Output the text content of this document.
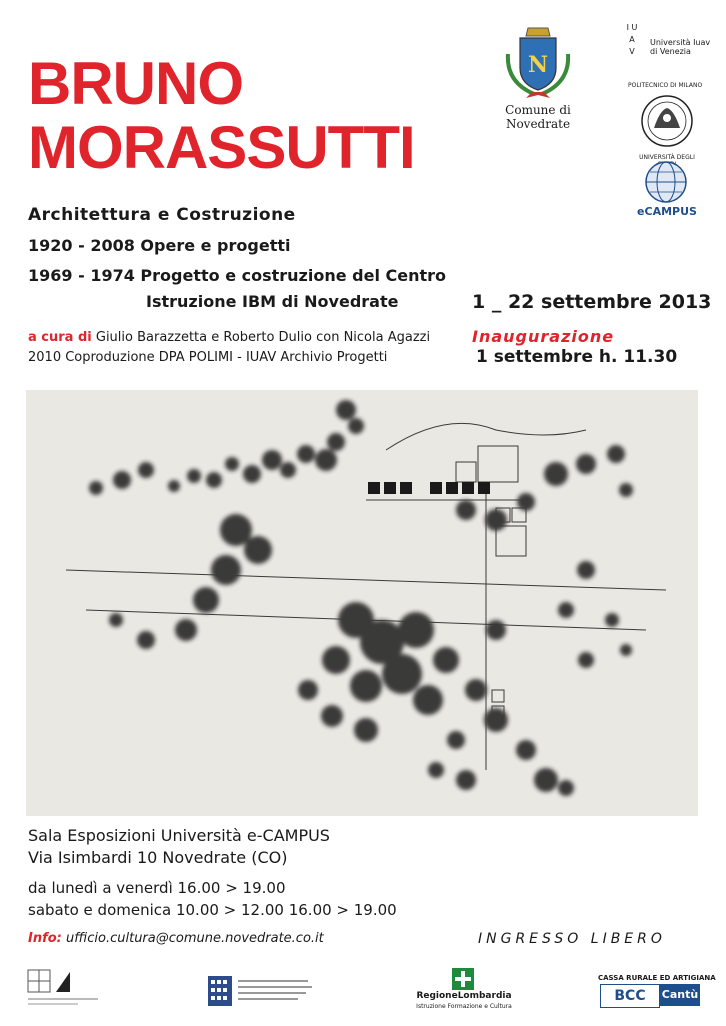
BRUNO
MORASSUTTI
Architettura e Costruzione
1920 - 2008 Opere e progetti
1969 - 1974 Progetto e costruzione del Centro
Istruzione IBM di Novedrate
a cura di Giulio Barazzetta e Roberto Dulio con Nicola Agazzi
2010 Coproduzione DPA POLIMI - IUAV Archivio Progetti
1 _ 22 settembre 2013
Inaugurazione
1 settembre h. 11.30
N
Comune di
Novedrate
I U A V
Università Iuav
di Venezia
POLITECNICO DI MILANO
UNIVERSITÀ DEGLI
eCAMPUS
Sala Esposizioni Università e-CAMPUS
Via Isimbardi 10 Novedrate (CO)
da lunedì a venerdì 16.00 > 19.00
sabato e domenica 10.00 > 12.00 16.00 > 19.00
Info: ufficio.cultura@comune.novedrate.co.it	INGRESSO LIBERO
RegioneLombardia
Istruzione Formazione e Cultura
CASSA RURALE ED ARTIGIANA
BCC	Cantù
